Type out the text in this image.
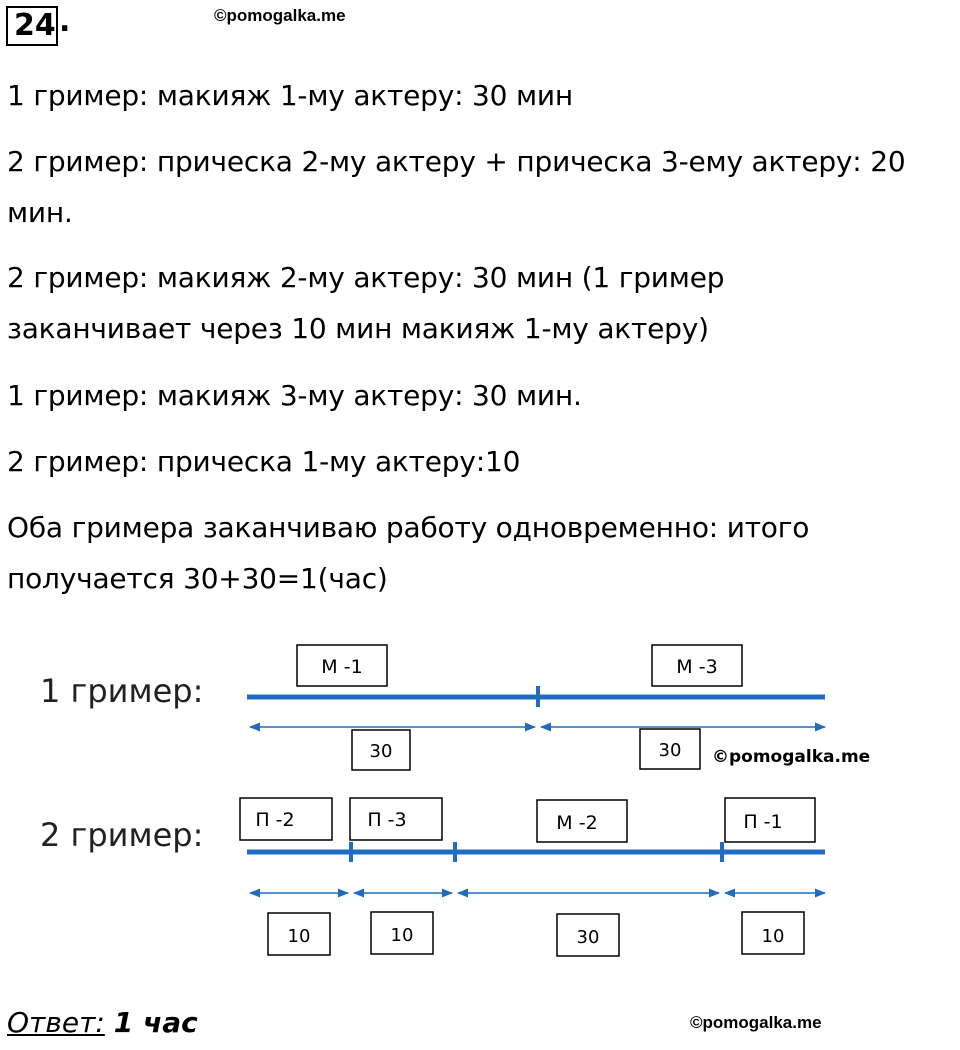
24 .	©pomogalka.me

1 гример: макияж 1-му актеру: 30 мин

2 гример: прическа 2-му актеру + прическа 3-ему актеру: 20 мин.

2 гример: макияж 2-му актеру: 30 мин (1 гример заканчивает через 10 мин макияж 1-му актеру)

1 гример: макияж 3-му актеру: 30 мин.

2 гример: прическа 1-му актеру:10

Оба гримера заканчиваю работу одновременно: итого получается 30+30=1(час)

1 гример:
М -1	М -3
30	30 ©pomogalka.me
2 гример:	П -2	П -3	М -2	П -1
10	10	30	10
Ответ: 1 час	©pomogalka.me
